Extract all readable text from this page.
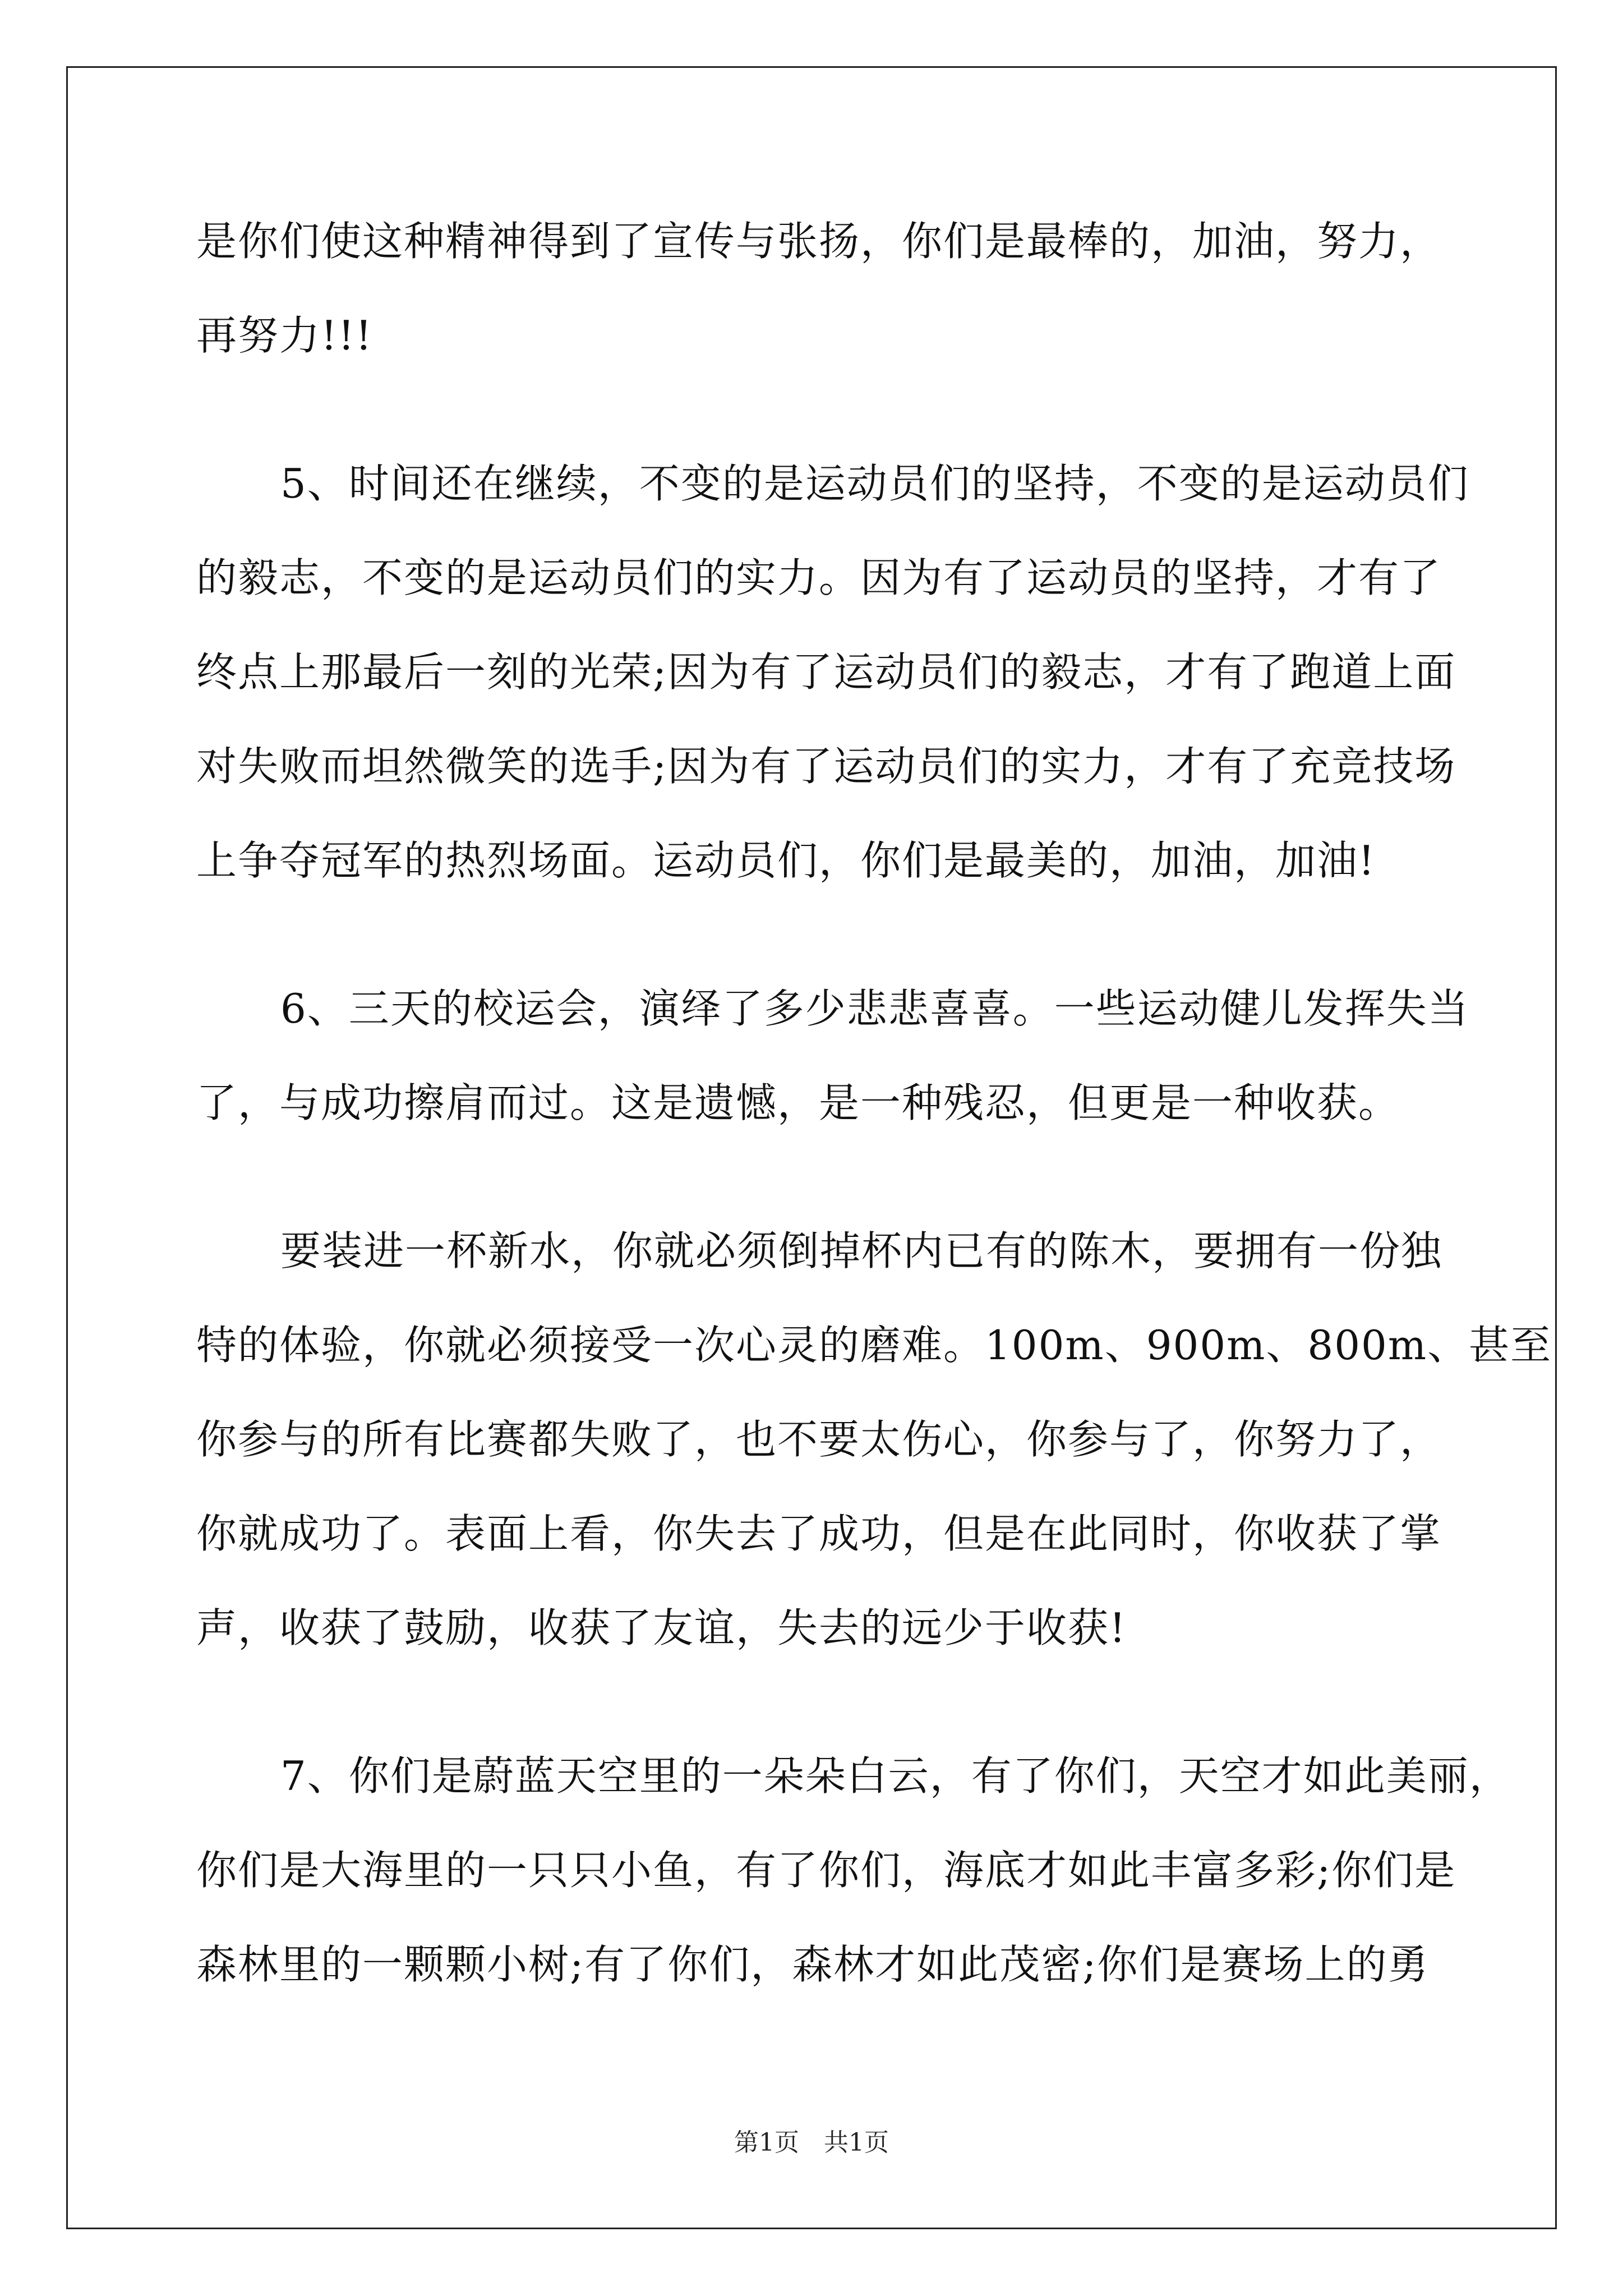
是你们使这种精神得到了宣传与张扬，你们是最棒的，加油，努力，
再努力!!!
5、时间还在继续，不变的是运动员们的坚持，不变的是运动员们
的毅志，不变的是运动员们的实力。因为有了运动员的坚持，才有了
终点上那最后一刻的光荣;因为有了运动员们的毅志，才有了跑道上面
对失败而坦然微笑的选手;因为有了运动员们的实力，才有了充竞技场
上争夺冠军的热烈场面。运动员们，你们是最美的，加油，加油!
6、三天的校运会，演绎了多少悲悲喜喜。一些运动健儿发挥失当
了，与成功擦肩而过。这是遗憾，是一种残忍，但更是一种收获。
要装进一杯新水，你就必须倒掉杯内已有的陈木，要拥有一份独
特的体验，你就必须接受一次心灵的磨难。100m、900m、800m、甚至
你参与的所有比赛都失败了，也不要太伤心，你参与了，你努力了，
你就成功了。表面上看，你失去了成功，但是在此同时，你收获了掌
声，收获了鼓励，收获了友谊，失去的远少于收获!
7、你们是蔚蓝天空里的一朵朵白云，有了你们，天空才如此美丽，
你们是大海里的一只只小鱼，有了你们，海底才如此丰富多彩;你们是
森林里的一颗颗小树;有了你们，森林才如此茂密;你们是赛场上的勇
第1页　共1页
